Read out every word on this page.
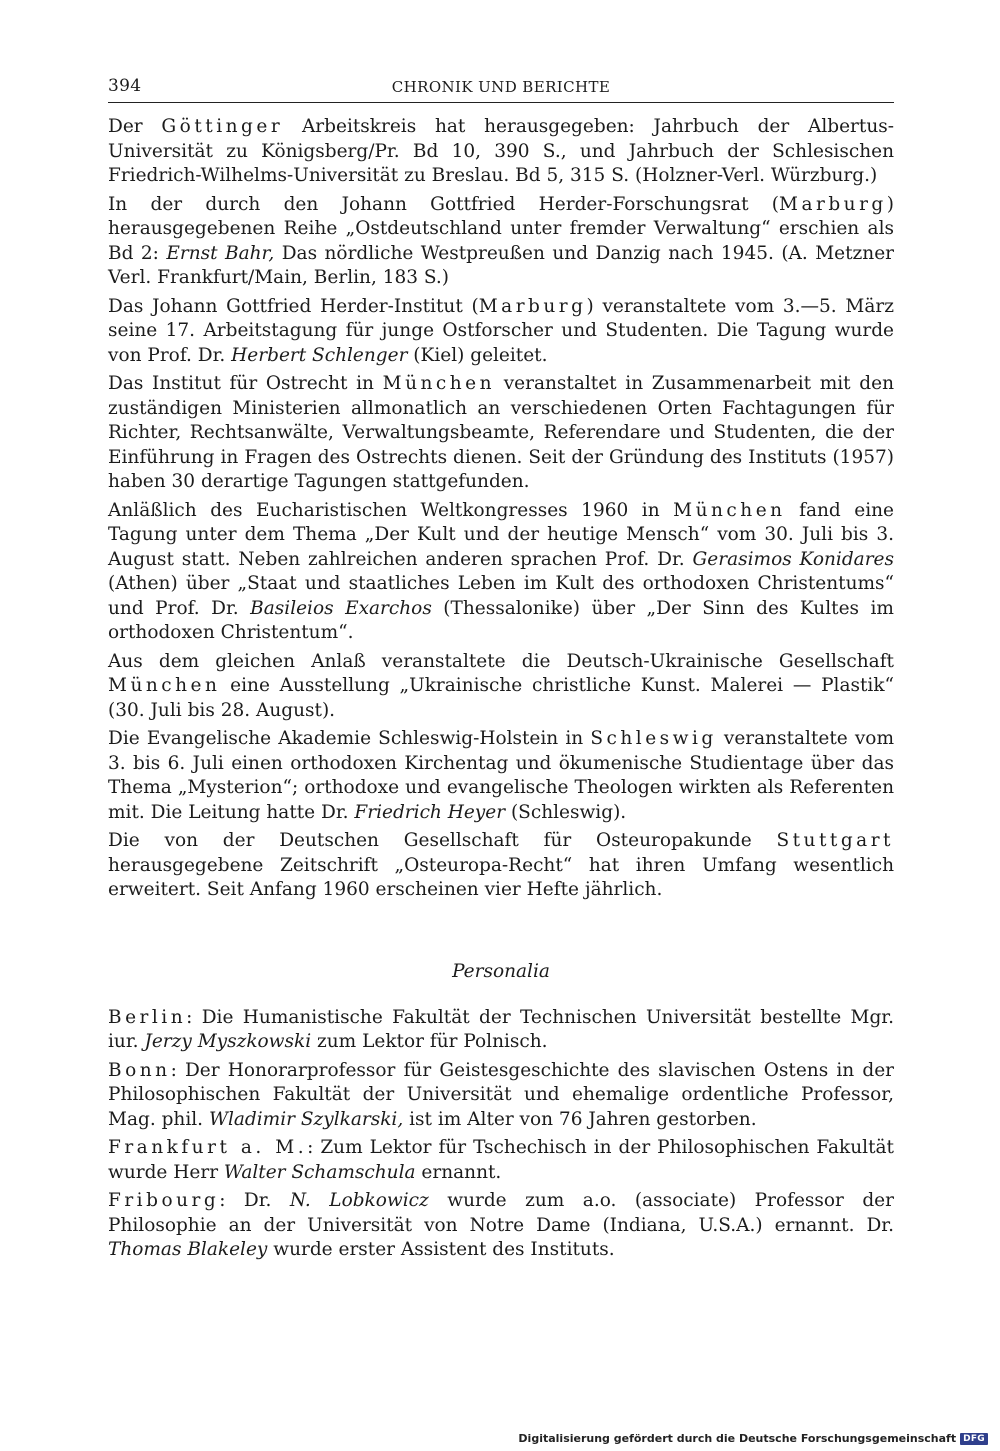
394	CHRONIK UND BERICHTE

Der Göttinger Arbeitskreis hat herausgegeben: Jahrbuch der Albertus-Universität zu Königsberg/Pr. Bd 10, 390 S., und Jahrbuch der Schlesischen Friedrich-Wilhelms-Universität zu Breslau. Bd 5, 315 S. (Holzner-Verl. Würzburg.)

In der durch den Johann Gottfried Herder-Forschungsrat (Marburg) herausgegebenen Reihe „Ostdeutschland unter fremder Verwaltung“ erschien als Bd 2: Ernst Bahr, Das nördliche Westpreußen und Danzig nach 1945. (A. Metzner Verl. Frankfurt/Main, Berlin, 183 S.)

Das Johann Gottfried Herder-Institut (Marburg) veranstaltete vom 3.—5. März seine 17. Arbeitstagung für junge Ostforscher und Studenten. Die Tagung wurde von Prof. Dr. Herbert Schlenger (Kiel) geleitet.

Das Institut für Ostrecht in München veranstaltet in Zusammenarbeit mit den zuständigen Ministerien allmonatlich an verschiedenen Orten Fachtagungen für Richter, Rechtsanwälte, Verwaltungsbeamte, Referendare und Studenten, die der Einführung in Fragen des Ostrechts dienen. Seit der Gründung des Instituts (1957) haben 30 derartige Tagungen stattgefunden.

Anläßlich des Eucharistischen Weltkongresses 1960 in München fand eine Tagung unter dem Thema „Der Kult und der heutige Mensch“ vom 30. Juli bis 3. August statt. Neben zahlreichen anderen sprachen Prof. Dr. Gerasimos Konidares (Athen) über „Staat und staatliches Leben im Kult des orthodoxen Christentums“ und Prof. Dr. Basileios Exarchos (Thessalonike) über „Der Sinn des Kultes im orthodoxen Christentum“.

Aus dem gleichen Anlaß veranstaltete die Deutsch-Ukrainische Gesellschaft München eine Ausstellung „Ukrainische christliche Kunst. Malerei — Plastik“ (30. Juli bis 28. August).

Die Evangelische Akademie Schleswig-Holstein in Schleswig veranstaltete vom 3. bis 6. Juli einen orthodoxen Kirchentag und ökumenische Studientage über das Thema „Mysterion“; orthodoxe und evangelische Theologen wirkten als Referenten mit. Die Leitung hatte Dr. Friedrich Heyer (Schleswig).

Die von der Deutschen Gesellschaft für Osteuropakunde Stuttgart herausgegebene Zeitschrift „Osteuropa-Recht“ hat ihren Umfang wesentlich erweitert. Seit Anfang 1960 erscheinen vier Hefte jährlich.

Personalia

Berlin: Die Humanistische Fakultät der Technischen Universität bestellte Mgr. iur. Jerzy Myszkowski zum Lektor für Polnisch.

Bonn: Der Honorarprofessor für Geistesgeschichte des slavischen Ostens in der Philosophischen Fakultät der Universität und ehemalige ordentliche Professor, Mag. phil. Wladimir Szylkarski, ist im Alter von 76 Jahren gestorben.

Frankfurt a. M.: Zum Lektor für Tschechisch in der Philosophischen Fakultät wurde Herr Walter Schamschula ernannt.

Fribourg: Dr. N. Lobkowicz wurde zum a.o. (associate) Professor der Philosophie an der Universität von Notre Dame (Indiana, U.S.A.) ernannt. Dr. Thomas Blakeley wurde erster Assistent des Instituts.

Digitalisierung gefördert durch die Deutsche Forschungsgemeinschaft DFG
